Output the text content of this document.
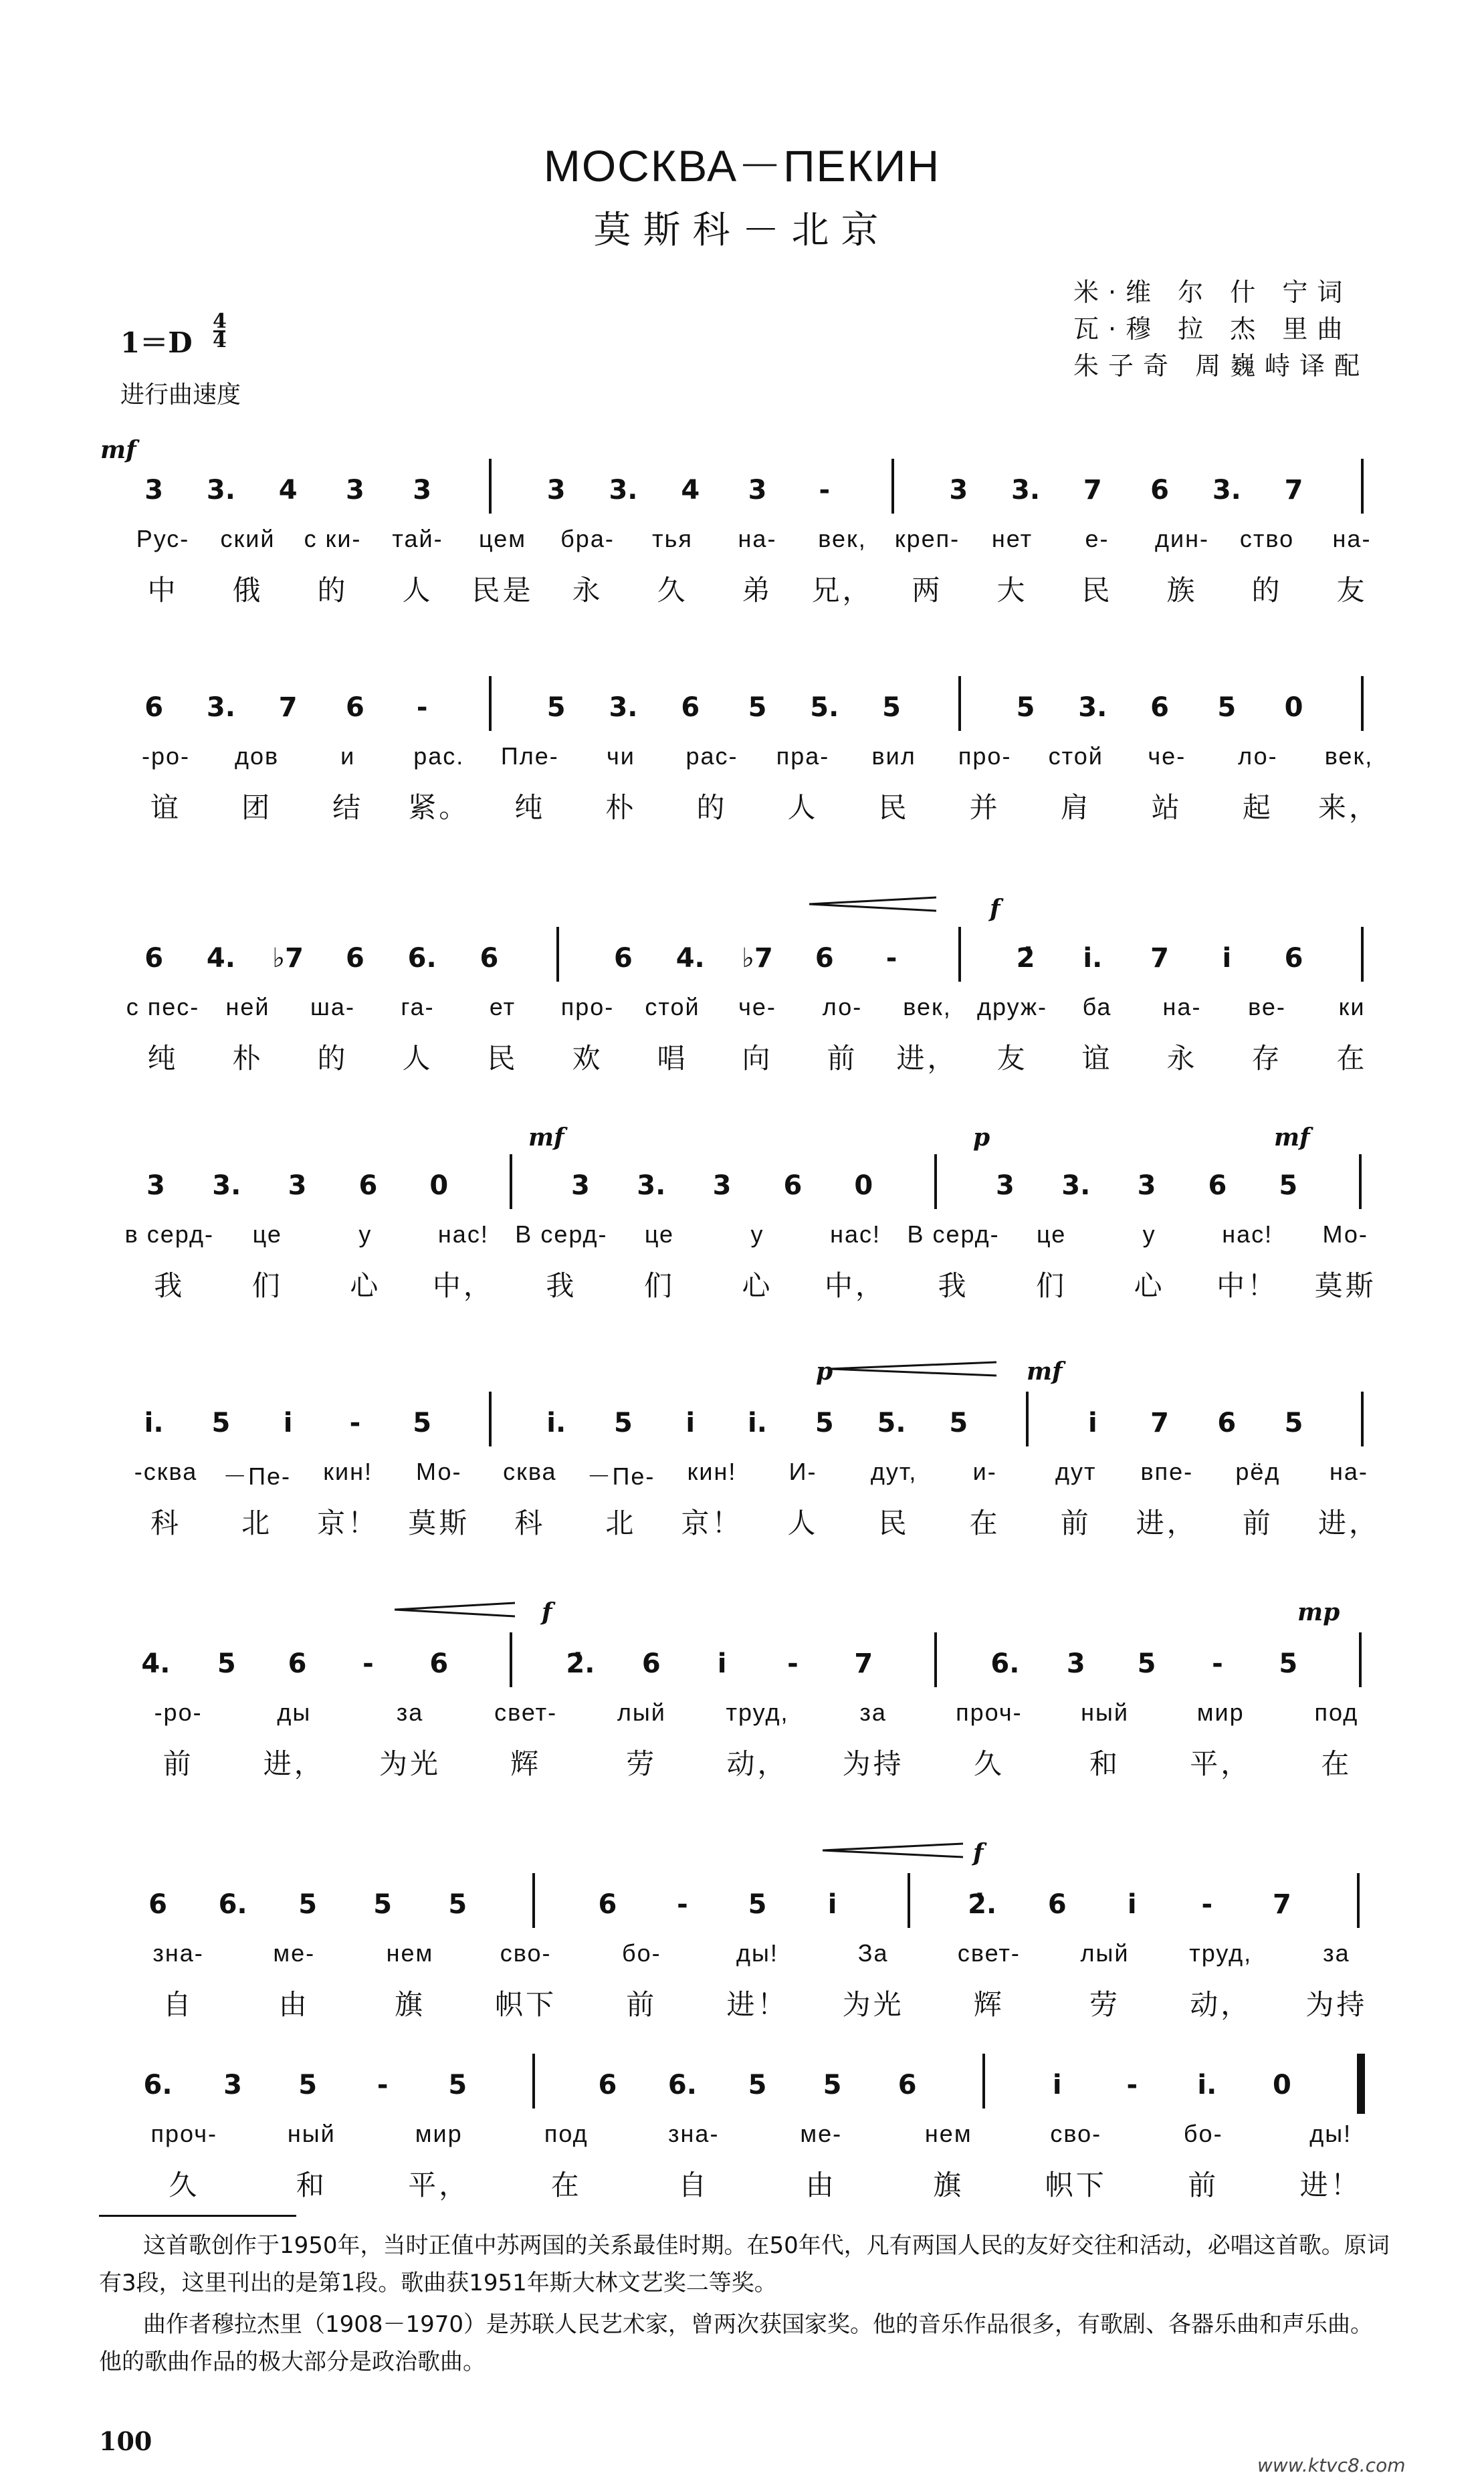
МОСКВА－ПЕКИН
莫斯科－北京
米·维 尔 什 宁词
瓦·穆 拉 杰 里曲
朱子奇 周巍峙译配
1＝D
4
4
进行曲速度
3 3. 4 3 3	3 3. 4 3 -	3 3. 7 6 3. 7
Рус- ский с ки- тай- цем бра- тья на- век, креп- нет е- дин- ство на-
中 俄 的 人 民是 永 久 弟 兄， 两 大 民 族 的 友
mf
6 3. 7 6 -	5 3. 6 5 5. 5	5 3. 6 5 0
-ро- дов	и рас. Пле- чи рас- пра- вил про- стой че- ло- век,
谊 团 结 紧。 纯 朴 的 人 民 并 肩 站 起 来，
6 4. ♭7 6 6. 6	6 4. ♭7 6 -	2̇ i. 7 i 6
с пес- ней ша- га- ет про- стой че- ло- век, друж- ба на- ве- ки
纯 朴 的 人 民 欢 唱 向 前 进， 友 谊 永 存 在
f
3 3. 3 6 0	3 3. 3 6 0	3 3. 3 6 5
в серд- це	у	нас! В серд- це	у	нас! В серд- це	у	нас! Мо-
我 们 心 中， 我 们 心 中， 我 们 心 中！ 莫斯
mf	p	mf
i. 5 i - 5	i. 5 i i. 5 5. 5	i 7 6 5
-сква －Пе- кин! Мо- сква －Пе- кин! И- дут, и- дут впе- рёд на-
科 北 京！ 莫斯 科 北 京！ 人 民 在 前 进， 前 进，
p	mf
4. 5 6 - 6	2̇. 6 i - 7	6. 3 5 - 5
-ро-	ды	за	свет- лый труд,	за	проч- ный	мир	под
前 进， 为光 辉	劳 动， 为持 久	和 平， 在
f	mp
6 6. 5 5 5	6 - 5 i	2̇. 6 i - 7
зна-	ме-	нем	сво-	бо-	ды!	За	свет- лый труд,	за
自	由	旗 帜下 前 进！ 为光 辉	劳 动， 为持
f
6. 3 5 - 5	6 6. 5 5 6	i - i. 0
проч-	ный	мир	под	зна-	ме-	нем	сво-	бо-	ды!
久	和	平，	在	自	由	旗	帜下	前	进！
这首歌创作于1950年，当时正值中苏两国的关系最佳时期。在50年代，凡有两国人民的友好交往和活动，必唱这首歌。原词有3段，这里刊出的是第1段。歌曲获1951年斯大林文艺奖二等奖。
曲作者穆拉杰里（1908－1970）是苏联人民艺术家，曾两次获国家奖。他的音乐作品很多，有歌剧、各器乐曲和声乐曲。他的歌曲作品的极大部分是政治歌曲。
100
www.ktvc8.com
